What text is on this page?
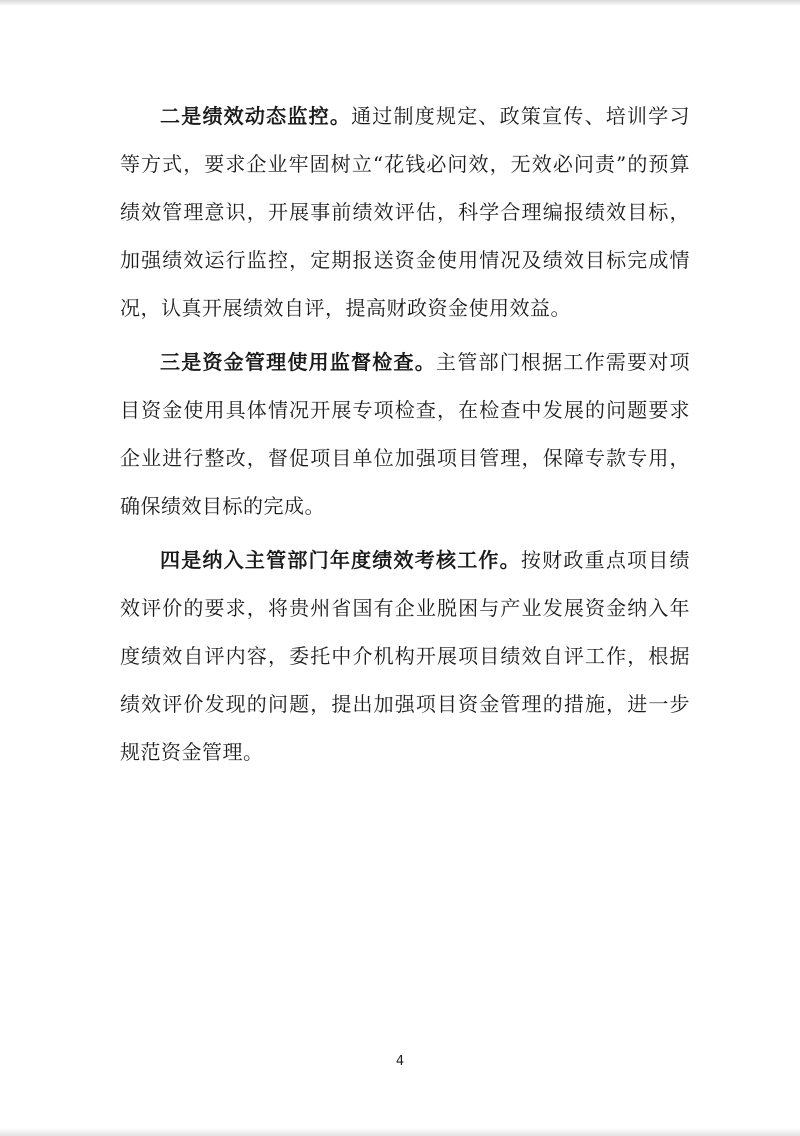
二是绩效动态监控。通过制度规定、政策宣传、培训学习等方式，要求企业牢固树立“花钱必问效，无效必问责”的预算绩效管理意识，开展事前绩效评估，科学合理编报绩效目标，加强绩效运行监控，定期报送资金使用情况及绩效目标完成情况，认真开展绩效自评，提高财政资金使用效益。

三是资金管理使用监督检查。主管部门根据工作需要对项目资金使用具体情况开展专项检查，在检查中发展的问题要求企业进行整改，督促项目单位加强项目管理，保障专款专用，确保绩效目标的完成。

四是纳入主管部门年度绩效考核工作。按财政重点项目绩效评价的要求，将贵州省国有企业脱困与产业发展资金纳入年度绩效自评内容，委托中介机构开展项目绩效自评工作，根据绩效评价发现的问题，提出加强项目资金管理的措施，进一步规范资金管理。

4
